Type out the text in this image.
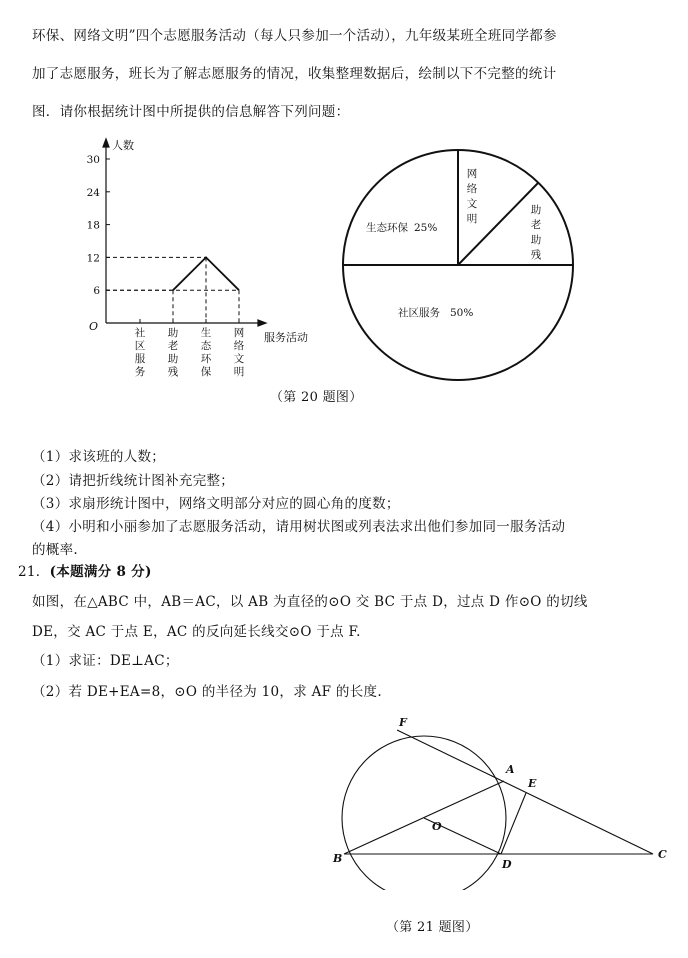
环保、网络文明”四个志愿服务活动（每人只参加一个活动），九年级某班全班同学都参
加了志愿服务，班长为了解志愿服务的情况，收集整理数据后，绘制以下不完整的统计
图．请你根据统计图中所提供的信息解答下列问题：
人数
服务活动
O
6
12
18
24
30
社
区
服
务
助
老
助
残
生
态
环
保
网
络
文
明
生态环保 25%
社区服务 50%
网
络
文
明
助
老
助
残
（第 20 题图）
（1）求该班的人数；
（2）请把折线统计图补充完整；
（3）求扇形统计图中，网络文明部分对应的圆心角的度数；
（4）小明和小丽参加了志愿服务活动，请用树状图或列表法求出他们参加同一服务活动
的概率.
21．(本题满分 8 分)
如图，在△ABC 中，AB＝AC，以 AB 为直径的⊙O 交 BC 于点 D，过点 D 作⊙O 的切线
DE，交 AC 于点 E，AC 的反向延长线交⊙O 于点 F.
（1）求证：DE⊥AC；
（2）若 DE+EA=8，⊙O 的半径为 10，求 AF 的长度.
F
A
E
O
B	D
C
（第 21 题图）
